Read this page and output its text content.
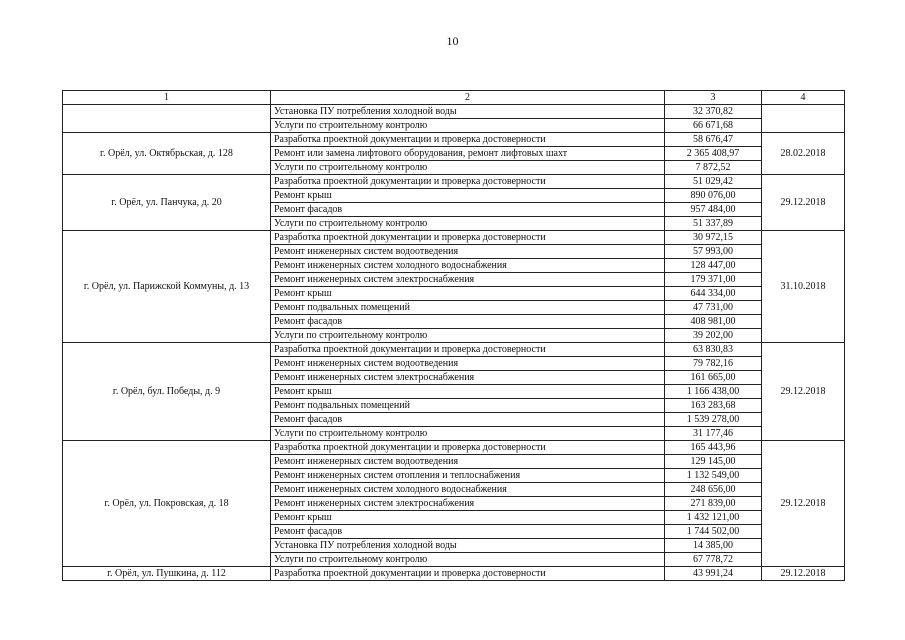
10
1	2	3	4
	Установка ПУ потребления холодной воды	32 370,82	
	Услуги по строительному контролю	66 671,68	
г. Орёл, ул. Октябрьская, д. 128	Разработка проектной документации и проверка достоверности	58 676,47	28.02.2018
	Ремонт или замена лифтового оборудования, ремонт лифтовых шахт	2 365 408,97	
	Услуги по строительному контролю	7 872,52	
г. Орёл, ул. Панчука, д. 20	Разработка проектной документации и проверка достоверности	51 029,42	29.12.2018
	Ремонт крыш	890 076,00	
	Ремонт фасадов	957 484,00	
	Услуги по строительному контролю	51 337,89	
г. Орёл, ул. Парижской Коммуны, д. 13	Разработка проектной документации и проверка достоверности	30 972,15	31.10.2018
	Ремонт инженерных систем водоотведения	57 993,00	
	Ремонт инженерных систем холодного водоснабжения	128 447,00	
	Ремонт инженерных систем электроснабжения	179 371,00	
	Ремонт крыш	644 334,00	
	Ремонт подвальных помещений	47 731,00	
	Ремонт фасадов	408 981,00	
	Услуги по строительному контролю	39 202,00	
г. Орёл, бул. Победы, д. 9	Разработка проектной документации и проверка достоверности	63 830,83	29.12.2018
	Ремонт инженерных систем водоотведения	79 782,16	
	Ремонт инженерных систем электроснабжения	161 665,00	
	Ремонт крыш	1 166 438,00	
	Ремонт подвальных помещений	163 283,68	
	Ремонт фасадов	1 539 278,00	
	Услуги по строительному контролю	31 177,46	
г. Орёл, ул. Покровская, д. 18	Разработка проектной документации и проверка достоверности	165 443,96	29.12.2018
	Ремонт инженерных систем водоотведения	129 145,00	
	Ремонт инженерных систем отопления и теплоснабжения	1 132 549,00	
	Ремонт инженерных систем холодного водоснабжения	248 656,00	
	Ремонт инженерных систем электроснабжения	271 839,00	
	Ремонт крыш	1 432 121,00	
	Ремонт фасадов	1 744 502,00	
	Установка ПУ потребления холодной воды	14 385,00	
	Услуги по строительному контролю	67 778,72	
г. Орёл, ул. Пушкина, д. 112	Разработка проектной документации и проверка достоверности	43 991,24	29.12.2018
